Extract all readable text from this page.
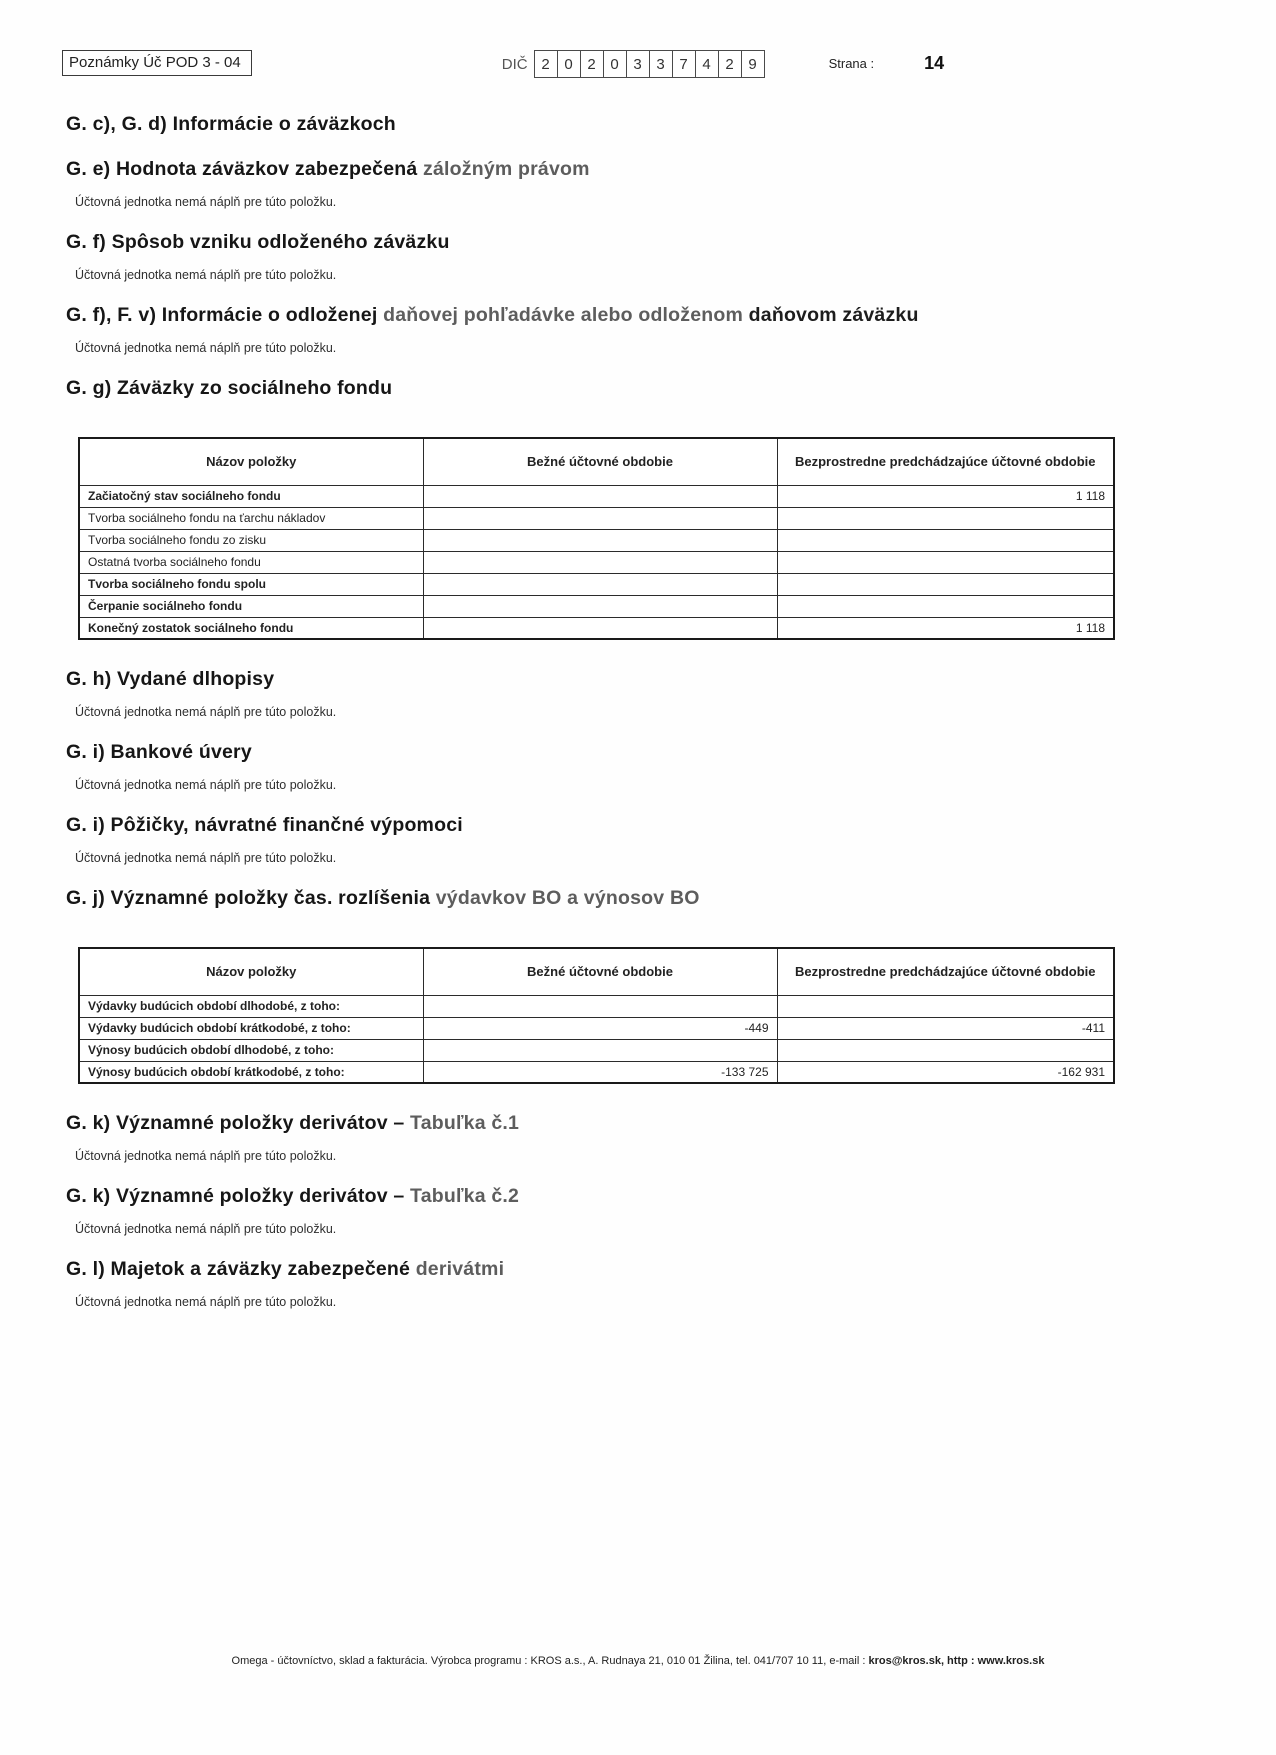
Poznámky Úč POD 3 - 04	DIČ 2 0 2 0 3 3 7 4 2 9	Strana :	14
G. c), G. d) Informácie o záväzkoch
G. e) Hodnota záväzkov zabezpečená záložným právom
Účtovná jednotka nemá náplň pre túto položku.
G. f) Spôsob vzniku odloženého záväzku
Účtovná jednotka nemá náplň pre túto položku.
G. f), F. v) Informácie o odloženej daňovej pohľadávke alebo odloženom daňovom záväzku
Účtovná jednotka nemá náplň pre túto položku.
G. g) Záväzky zo sociálneho fondu
Názov položky	Bežné účtovné obdobie	Bezprostredne predchádzajúce účtovné obdobie
Začiatočný stav sociálneho fondu		1 118
Tvorba sociálneho fondu na ťarchu nákladov		
Tvorba sociálneho fondu zo zisku		
Ostatná tvorba sociálneho fondu		
Tvorba sociálneho fondu spolu		
Čerpanie sociálneho fondu		
Konečný zostatok sociálneho fondu		1 118
G. h) Vydané dlhopisy
Účtovná jednotka nemá náplň pre túto položku.
G. i) Bankové úvery
Účtovná jednotka nemá náplň pre túto položku.
G. i) Pôžičky, návratné finančné výpomoci
Účtovná jednotka nemá náplň pre túto položku.
G. j) Významné položky čas. rozlíšenia výdavkov BO a výnosov BO
Názov položky	Bežné účtovné obdobie	Bezprostredne predchádzajúce účtovné obdobie
Výdavky budúcich období dlhodobé, z toho:		
Výdavky budúcich období krátkodobé, z toho:	-449	-411
Výnosy budúcich období dlhodobé, z toho:		
Výnosy budúcich období krátkodobé, z toho:	-133 725	-162 931
G. k) Významné položky derivátov – Tabuľka č.1
Účtovná jednotka nemá náplň pre túto položku.
G. k) Významné položky derivátov – Tabuľka č.2
Účtovná jednotka nemá náplň pre túto položku.
G. l) Majetok a záväzky zabezpečené derivátmi
Účtovná jednotka nemá náplň pre túto položku.
Omega - účtovníctvo, sklad a fakturácia. Výrobca programu : KROS a.s., A. Rudnaya 21, 010 01 Žilina, tel. 041/707 10 11, e-mail : kros@kros.sk, http : www.kros.sk
